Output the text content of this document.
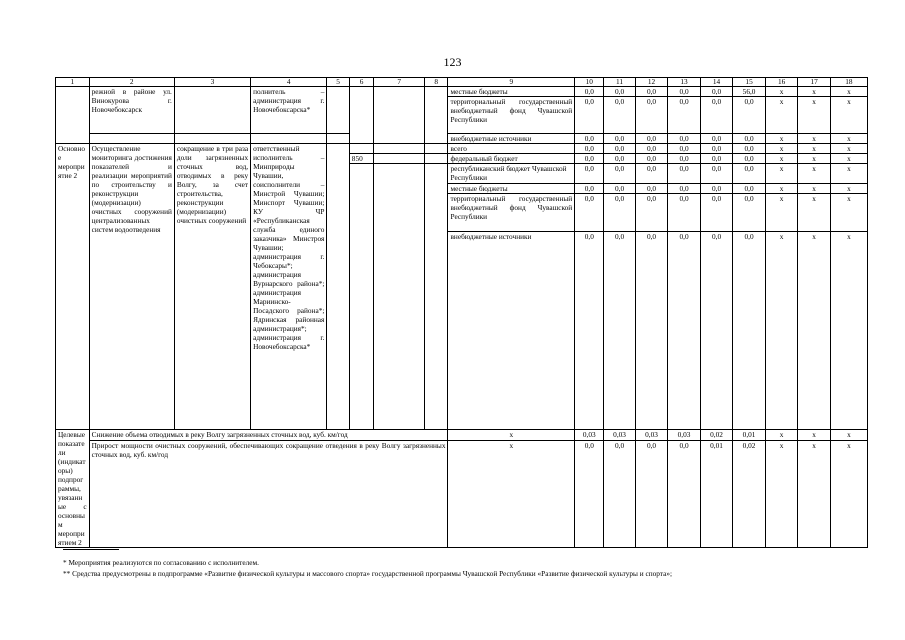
123
1	2	3	4	5	6	7	8	9	10	11	12	13	14	15	16	17	18
	режной в районе ул. Винокурова г. Новочебоксарск		полнитель – администрация г. Новочебоксарска*					местные бюджеты	0,0	0,0	0,0	0,0	0,0	56,0	х	х	х
								территориальный государственный внебюджетный фонд Чувашской Республики	0,0	0,0	0,0	0,0	0,0	0,0	х	х	х
								внебюджетные источники	0,0	0,0	0,0	0,0	0,0	0,0	х	х	х
Основное мероприятие 2	Осуществление мониторинга достижения показателей и реализации мероприятий по строительству и реконструкции (модернизации) очистных сооружений централизованных систем водоотведения	сокращение в три раза доли загрязненных сточных вод, отводимых в реку Волгу, за счет строительства, реконструкции (модернизации) очистных сооружений	ответственный исполнитель – Минприроды Чувашии, соисполнители – Минстрой Чувашии; Минспорт Чувашии; КУ ЧР «Республиканская служба единого заказчика» Минстроя Чувашии; администрация г. Чебоксары*; администрация Вурнарского района*; администрация Мариинско-Посадского района*; Ядринская районная администрация*; администрация г. Новочебоксарска*					всего	0,0	0,0	0,0	0,0	0,0	0,0	х	х	х
					850			федеральный бюджет	0,0	0,0	0,0	0,0	0,0	0,0	х	х	х
								республиканский бюджет Чувашской Республики	0,0	0,0	0,0	0,0	0,0	0,0	х	х	х
								местные бюджеты	0,0	0,0	0,0	0,0	0,0	0,0	х	х	х
								территориальный государственный внебюджетный фонд Чувашской Республики	0,0	0,0	0,0	0,0	0,0	0,0	х	х	х
								внебюджетные источники	0,0	0,0	0,0	0,0	0,0	0,0	х	х	х
Целевые показатели (индикаторы) подпрограммы, увязанные с основным мероприятием 2	Снижение объема отводимых в реку Волгу загрязненных сточных вод, куб. км/год							х	0,03	0,03	0,03	0,03	0,02	0,01	х	х	х
	Прирост мощности очистных сооружений, обеспечивающих сокращение отведения в реку Волгу загрязненных сточных вод, куб. км/год							х	0,0	0,0	0,0	0,0	0,01	0,02	х	х	х
* Мероприятия реализуются по согласованию с исполнителем.
** Средства предусмотрены в подпрограмме «Развитие физической культуры и массового спорта» государственной программы Чувашской Республики «Развитие физической культуры и спорта»;
